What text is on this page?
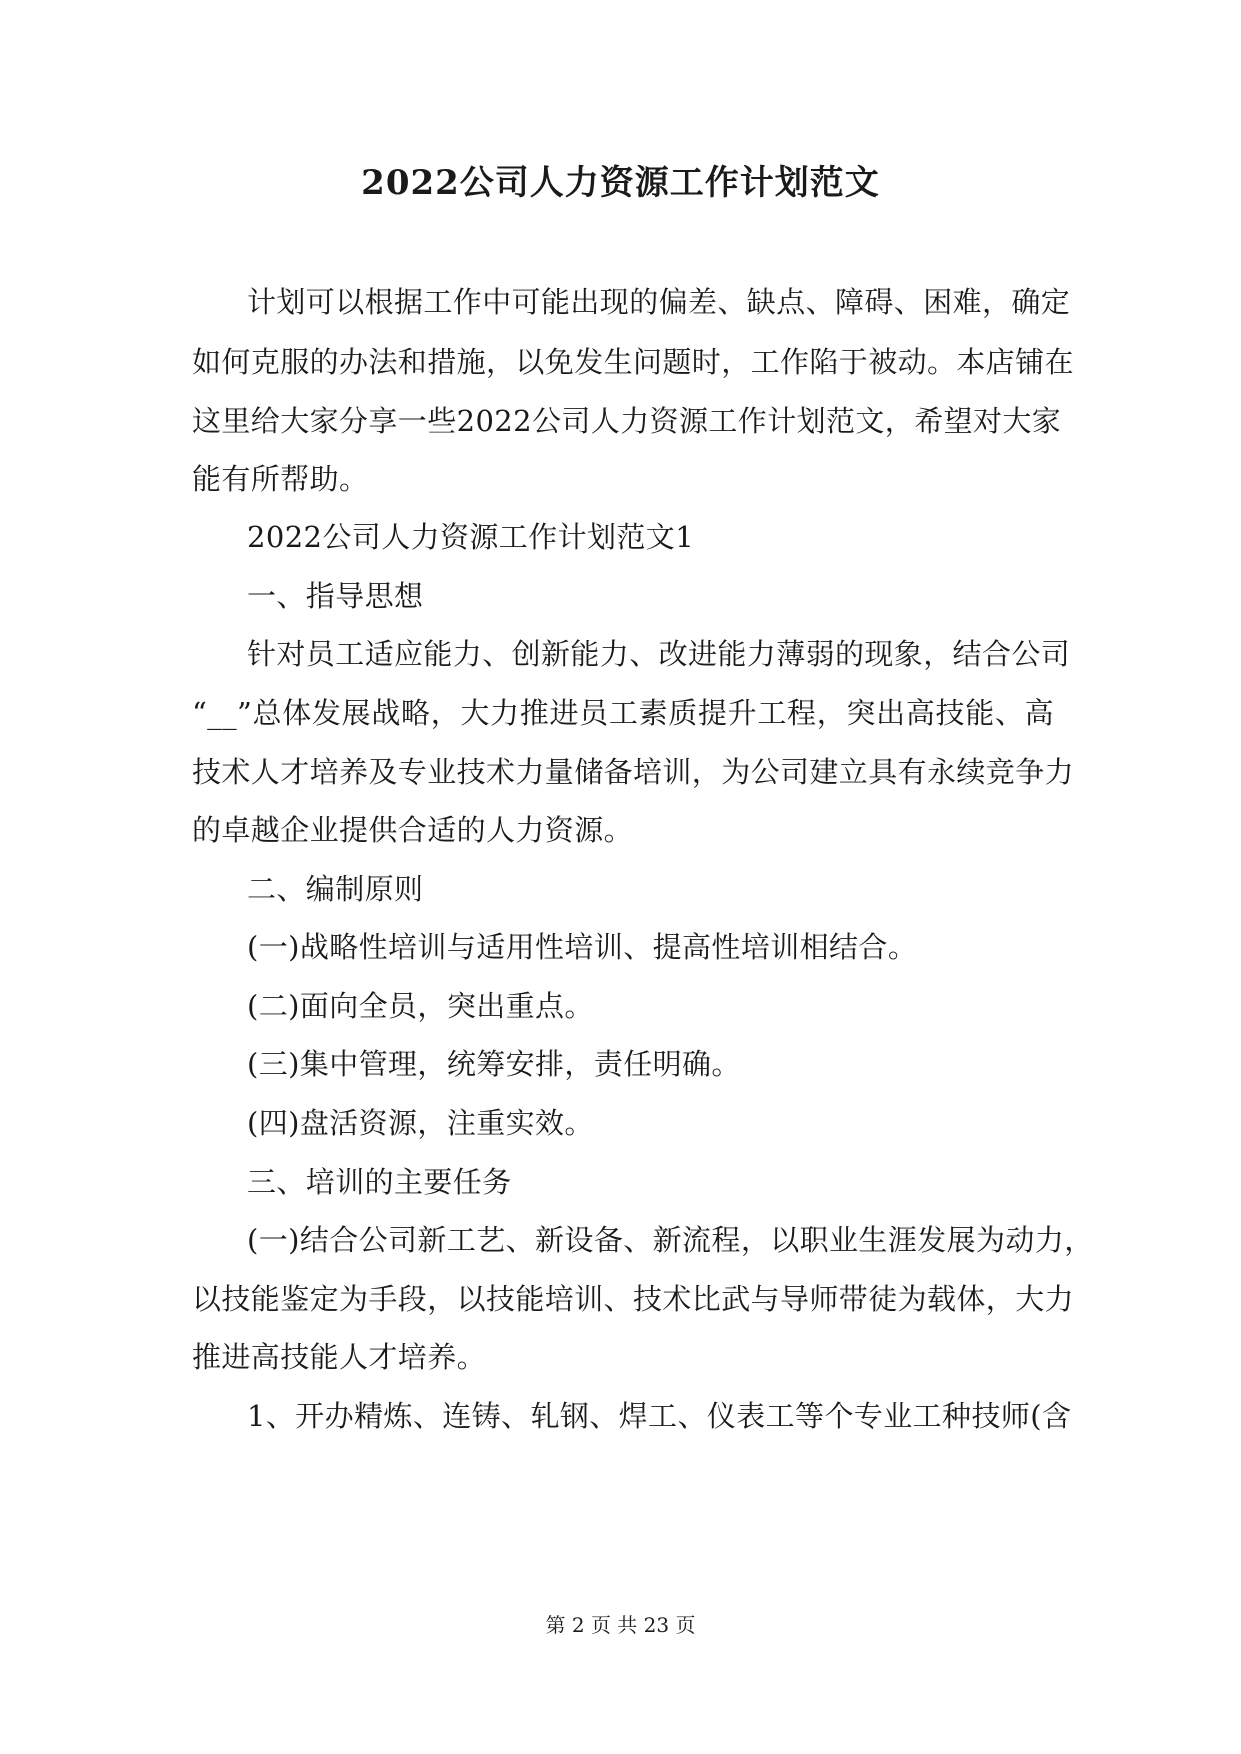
2022公司人力资源工作计划范文
计划可以根据工作中可能出现的偏差、缺点、障碍、困难，确定
如何克服的办法和措施，以免发生问题时，工作陷于被动。本店铺在
这里给大家分享一些2022公司人力资源工作计划范文，希望对大家
能有所帮助。
2022公司人力资源工作计划范文1
一、指导思想
针对员工适应能力、创新能力、改进能力薄弱的现象，结合公司
“__”总体发展战略，大力推进员工素质提升工程，突出高技能、高
技术人才培养及专业技术力量储备培训，为公司建立具有永续竞争力
的卓越企业提供合适的人力资源。
二、编制原则
(一)战略性培训与适用性培训、提高性培训相结合。
(二)面向全员，突出重点。
(三)集中管理，统筹安排，责任明确。
(四)盘活资源，注重实效。
三、培训的主要任务
(一)结合公司新工艺、新设备、新流程，以职业生涯发展为动力，
以技能鉴定为手段，以技能培训、技术比武与导师带徒为载体，大力
推进高技能人才培养。
1、开办精炼、连铸、轧钢、焊工、仪表工等个专业工种技师(含
第 2 页 共 23 页
